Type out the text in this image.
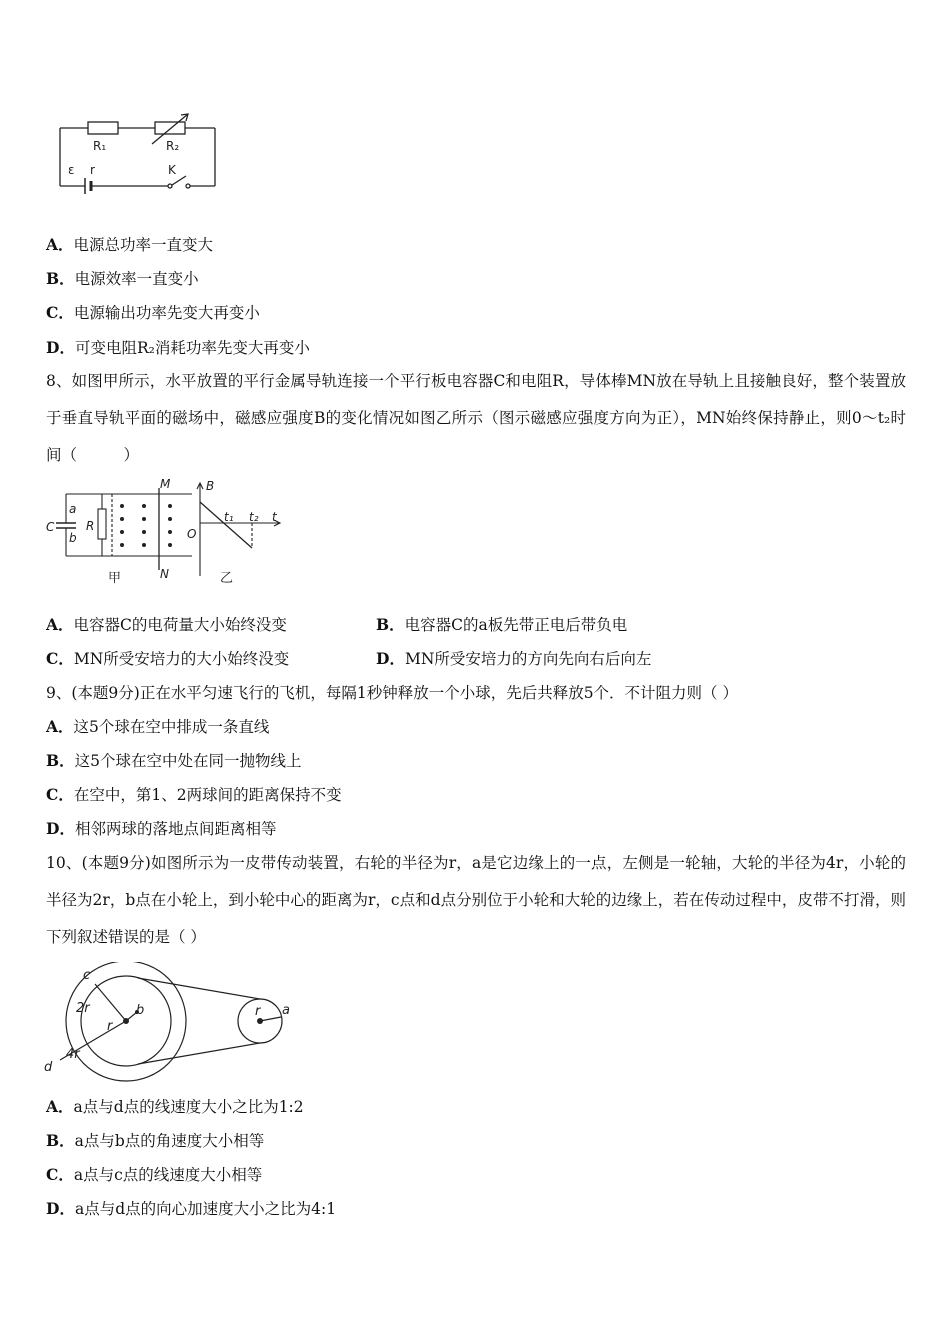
R₁	R₂
ε r	K
A．电源总功率一直变大
B．电源效率一直变小
C．电源输出功率先变大再变小
D．可变电阻R₂消耗功率先变大再变小
8、如图甲所示，水平放置的平行金属导轨连接一个平行板电容器C和电阻R，导体棒MN放在导轨上且接触良好，整个装置放于垂直导轨平面的磁场中，磁感应强度B的变化情况如图乙所示（图示磁感应强度方向为正），MN始终保持静止，则0～t₂时间（　　　）
C
a
b
R
M
N
甲
B
O
t₁ t₂ t
乙
A．电容器C的电荷量大小始终没变	B．电容器C的a板先带正电后带负电
C．MN所受安培力的大小始终没变	D．MN所受安培力的方向先向右后向左
9、(本题9分)正在水平匀速飞行的飞机，每隔1秒钟释放一个小球，先后共释放5个．不计阻力则（ ）
A．这5个球在空中排成一条直线
B．这5个球在空中处在同一抛物线上
C．在空中，第1、2两球间的距离保持不变
D．相邻两球的落地点间距离相等
10、(本题9分)如图所示为一皮带传动装置，右轮的半径为r，a是它边缘上的一点，左侧是一轮轴，大轮的半径为4r，小轮的半径为2r，b点在小轮上，到小轮中心的距离为r，c点和d点分别位于小轮和大轮的边缘上，若在传动过程中，皮带不打滑，则下列叙述错误的是（ ）
c
2r
r
b
4r
d
r a
A．a点与d点的线速度大小之比为1:2
B．a点与b点的角速度大小相等
C．a点与c点的线速度大小相等
D．a点与d点的向心加速度大小之比为4:1
